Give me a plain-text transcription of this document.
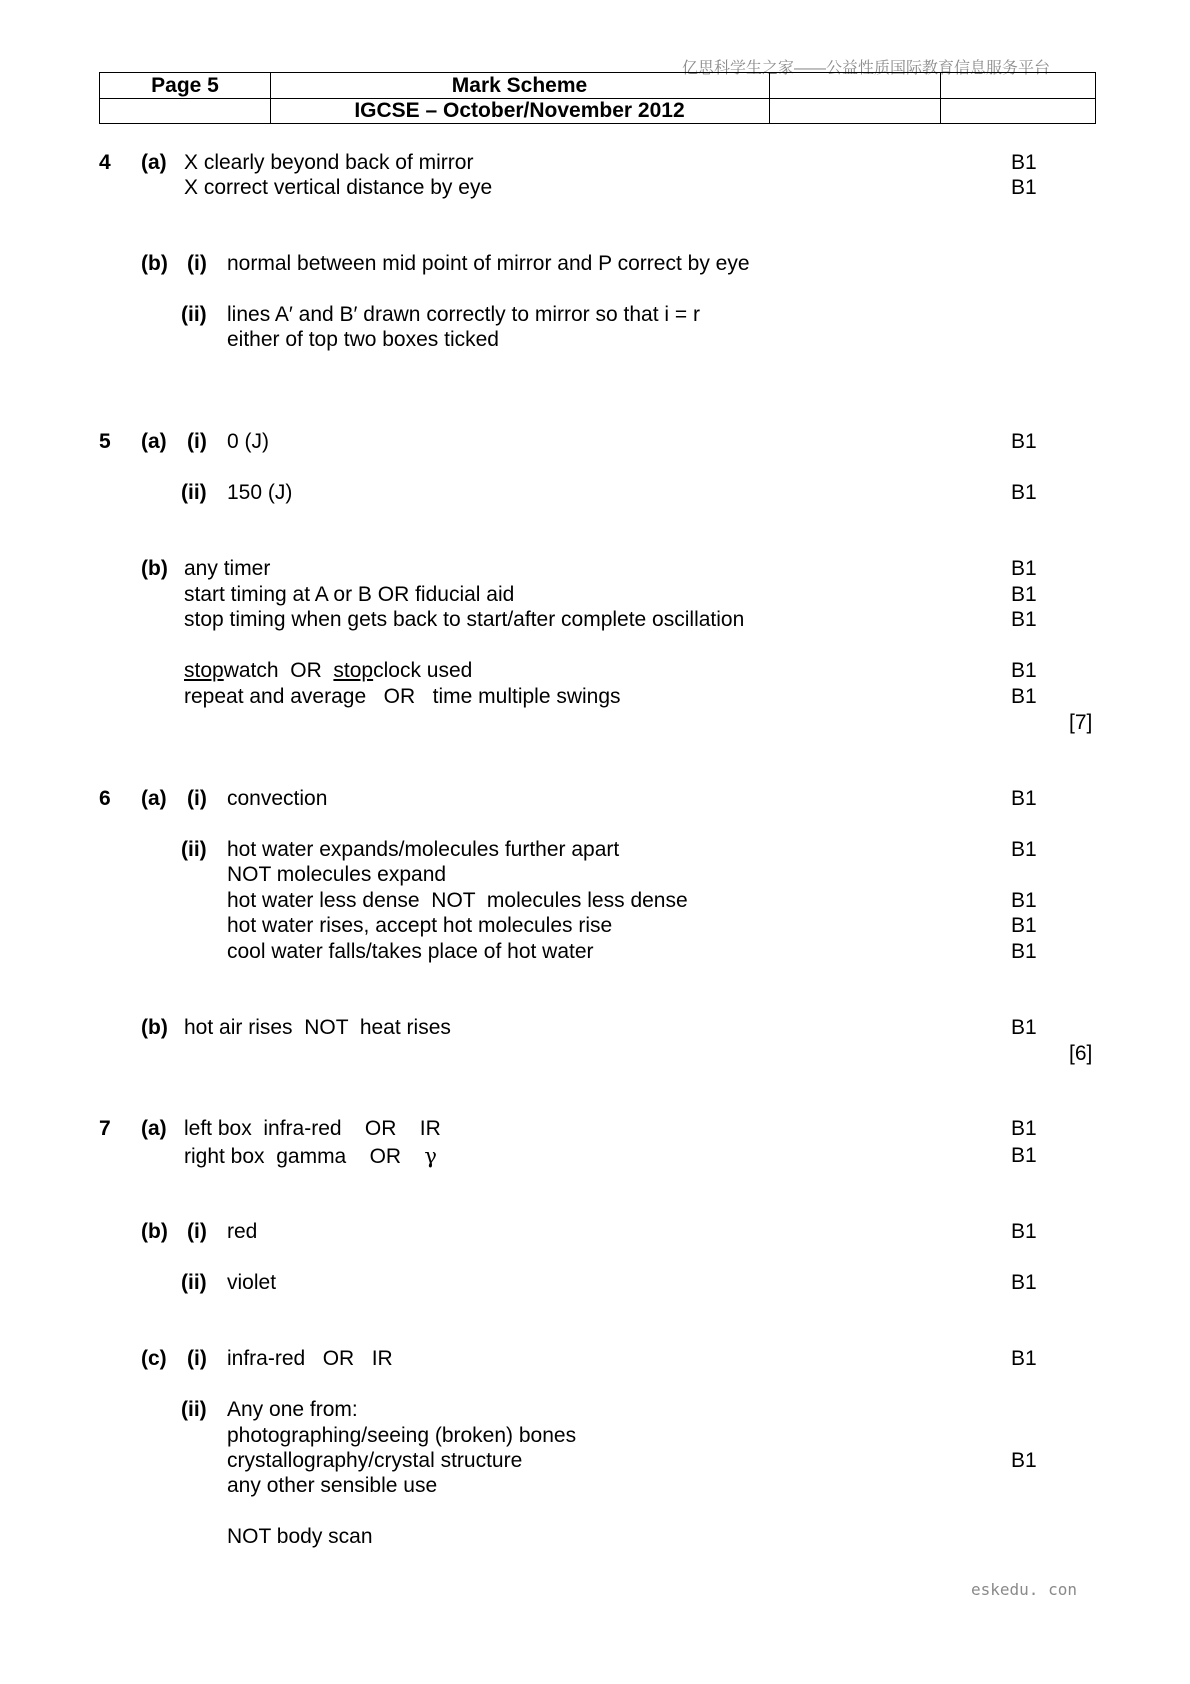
亿思科学生之家——公益性质国际教育信息服务平台
eskedu. con
Page 5	Mark Scheme
IGCSE – October/November 2012
4 (a) X clearly beyond back of mirror	B1
X correct vertical distance by eye	B1
(b) (i) normal between mid point of mirror and P correct by eye
(ii) lines A′ and B′ drawn correctly to mirror so that i = r
either of top two boxes ticked
5 (a) (i) 0 (J)	B1
(ii) 150 (J)	B1
(b) any timer	B1
start timing at A or B OR fiducial aid	B1
stop timing when gets back to start/after complete oscillation	B1
stopwatch  OR  stopclock used	B1
repeat and average   OR   time multiple swings	B1
[7]
6 (a) (i) convection	B1
(ii) hot water expands/molecules further apart	B1
NOT molecules expand
hot water less dense  NOT  molecules less dense	B1
hot water rises, accept hot molecules rise	B1
cool water falls/takes place of hot water	B1
(b) hot air rises  NOT  heat rises	B1
[6]
7 (a) left box  infra-red    OR    IR	B1
right box  gamma    OR    γ	B1
(b) (i) red	B1
(ii) violet	B1
(c) (i) infra-red   OR   IR	B1
(ii) Any one from:
photographing/seeing (broken) bones
crystallography/crystal structure	B1
any other sensible use
NOT body scan
